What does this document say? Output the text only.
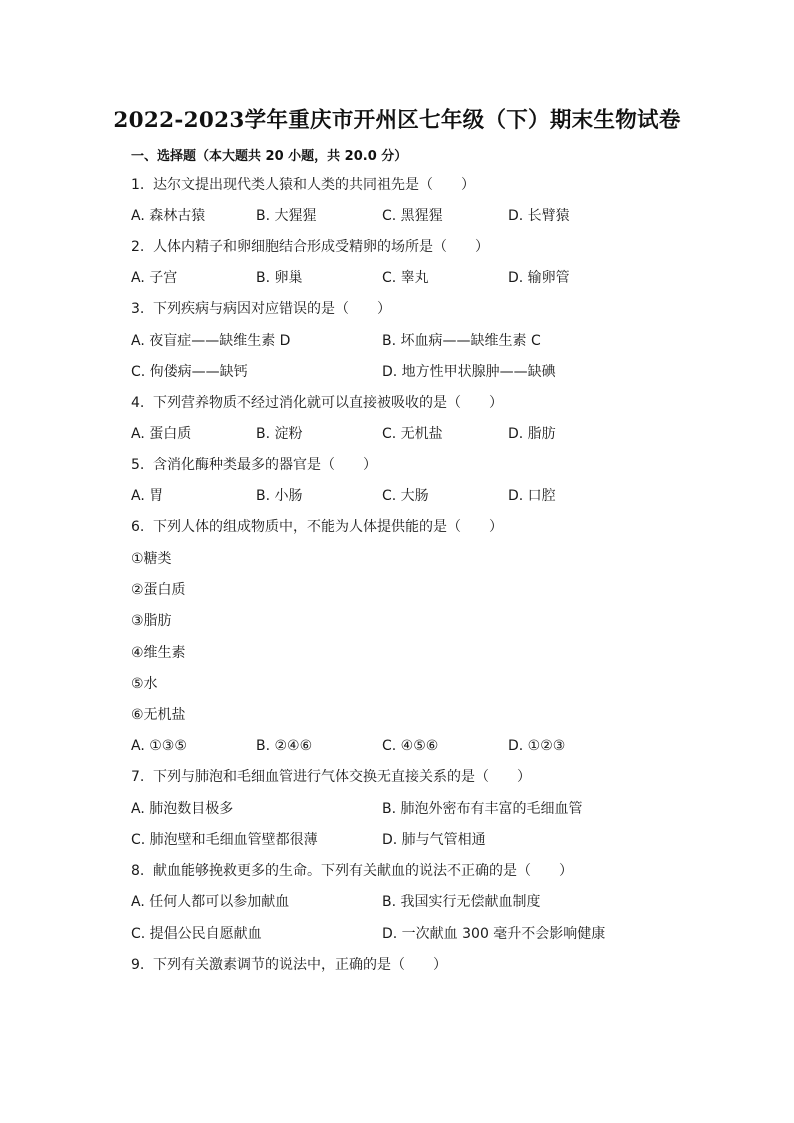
2022-2023学年重庆市开州区七年级（下）期末生物试卷
一、选择题（本大题共 20 小题，共 20.0 分）
1. 达尔文提出现代类人猿和人类的共同祖先是（　　）
A. 森林古猿	B. 大猩猩	C. 黑猩猩	D. 长臂猿
2. 人体内精子和卵细胞结合形成受精卵的场所是（　　）
A. 子宫	B. 卵巢	C. 睾丸	D. 输卵管
3. 下列疾病与病因对应错误的是（　　）
A. 夜盲症——缺维生素 D	B. 坏血病——缺维生素 C
C. 佝偻病——缺钙	D. 地方性甲状腺肿——缺碘
4. 下列营养物质不经过消化就可以直接被吸收的是（　　）
A. 蛋白质	B. 淀粉	C. 无机盐	D. 脂肪
5. 含消化酶种类最多的器官是（　　）
A. 胃	B. 小肠	C. 大肠	D. 口腔
6. 下列人体的组成物质中，不能为人体提供能的是（　　）
①糖类
②蛋白质
③脂肪
④维生素
⑤水
⑥无机盐
A. ①③⑤	B. ②④⑥	C. ④⑤⑥	D. ①②③
7. 下列与肺泡和毛细血管进行气体交换无直接关系的是（　　）
A. 肺泡数目极多	B. 肺泡外密布有丰富的毛细血管
C. 肺泡壁和毛细血管壁都很薄	D. 肺与气管相通
8. 献血能够挽救更多的生命。下列有关献血的说法不正确的是（　　）
A. 任何人都可以参加献血	B. 我国实行无偿献血制度
C. 提倡公民自愿献血	D. 一次献血 300 毫升不会影响健康
9. 下列有关激素调节的说法中，正确的是（　　）
